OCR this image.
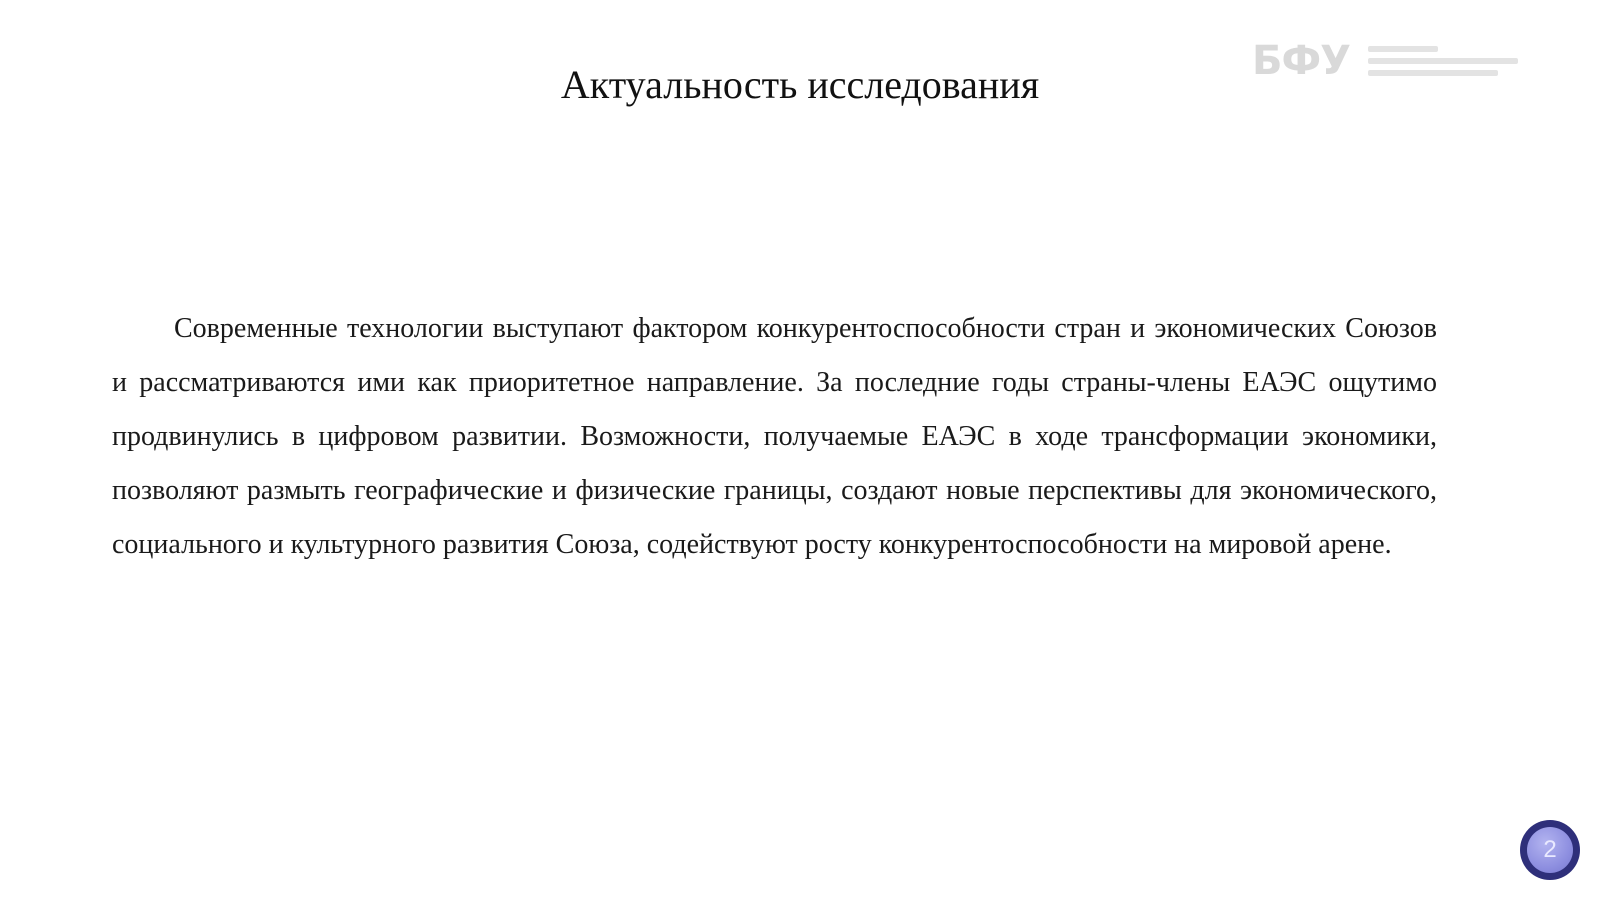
Актуальность исследования
БФУ

Современные технологии выступают фактором конкурентоспособности стран и экономических Союзов и рассматриваются ими как приоритетное направление. За последние годы страны-члены ЕАЭС ощутимо продвинулись в цифровом развитии. Возможности, получаемые ЕАЭС в ходе трансформации экономики, позволяют размыть географические и физические границы, создают новые перспективы для экономического, социального и культурного развития Союза, содействуют росту конкурентоспособности на мировой арене.

2
